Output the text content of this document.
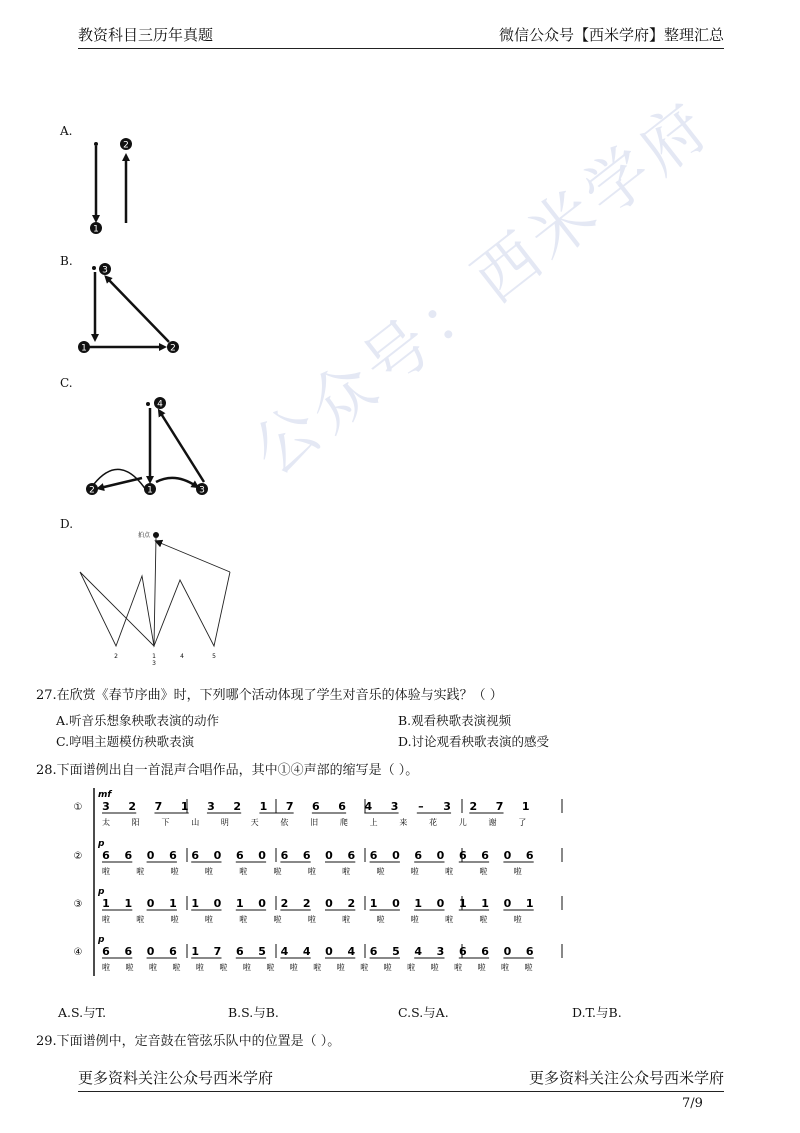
教资科目三历年真题	微信公众号【西米学府】整理汇总
公众号：西米学府
A.
1
2
B.
1	2
3
C.
2	1	3
4
D.
拍点
2	1	4	5
3
27.在欣赏《春节序曲》时，下列哪个活动体现了学生对音乐的体验与实践？（ ）
A.听音乐想象秧歌表演的动作	B.观看秧歌表演视频
C.哼唱主题模仿秧歌表演	D.讨论观看秧歌表演的感受
28.下面谱例出自一首混声合唱作品，其中①④声部的缩写是（ ）。
①
mf
3 2 7 1 3 2 1 7 6 6 4 3 – 3 2 7 1
太	阳	下	山	明	天	依	旧	爬	上	来	花	儿	谢	了
②
p
6 6 0 6 6 0 6 0 6 6 0 6 6 0 6 0 6 6 0 6
啦	啦	啦	啦	啦	啦	啦	啦	啦	啦	啦	啦	啦
③
p
1 1 0 1 1 0 1 0 2 2 0 2 1 0 1 0 1 1 0 1
啦	啦	啦	啦	啦	啦	啦	啦	啦	啦	啦	啦	啦
④
p
6 6 0 6 1 7 6 5 4 4 0 4 6 5 4 3 6 6 0 6
啦 啦 啦 啦 啦 啦 啦 啦 啦 啦 啦 啦 啦 啦 啦 啦 啦 啦 啦
A.S.与T.	B.S.与B.	C.S.与A.	D.T.与B.
29.下面谱例中，定音鼓在管弦乐队中的位置是（ ）。
更多资料关注公众号西米学府	更多资料关注公众号西米学府
7/9
